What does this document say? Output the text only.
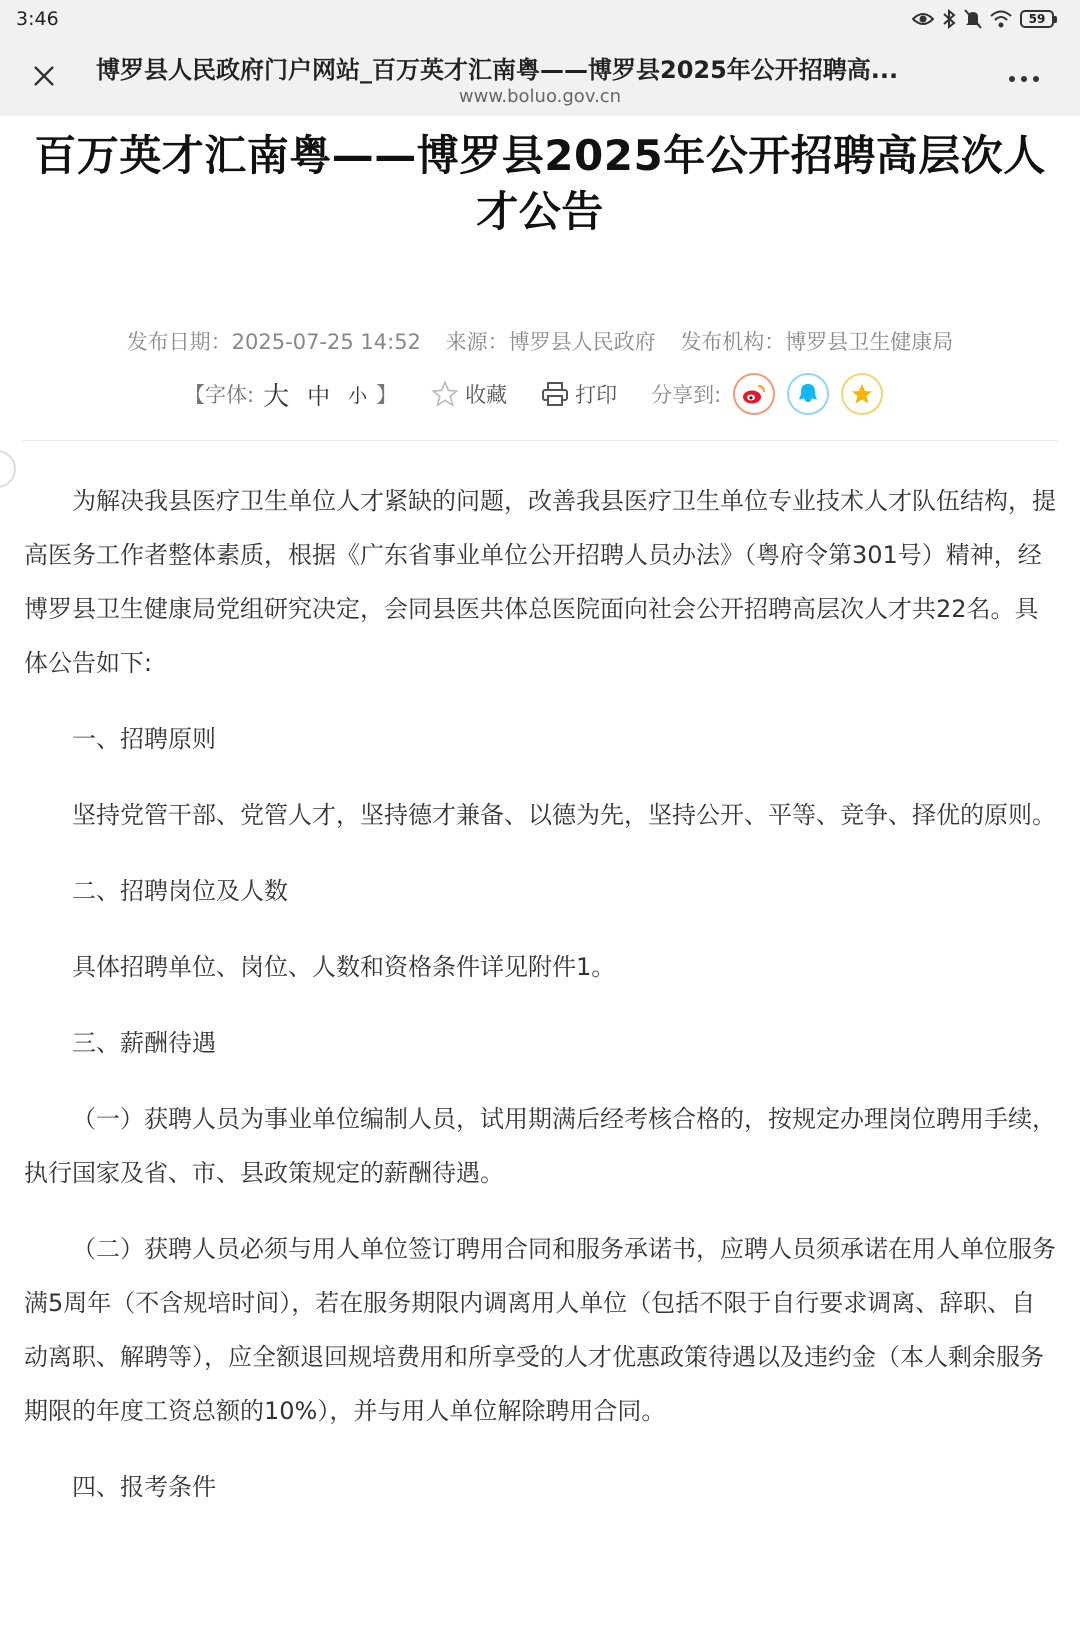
3:46	59
博罗县人民政府门户网站_百万英才汇南粤——博罗县2025年公开招聘高...
www.boluo.gov.cn
百万英才汇南粤——博罗县2025年公开招聘高层次人才公告
发布日期：2025-07-25 14:52 来源：博罗县人民政府 发布机构：博罗县卫生健康局
【字体: 大 中 小 】	收藏	打印 分享到:

为解决我县医疗卫生单位人才紧缺的问题，改善我县医疗卫生单位专业技术人才队伍结构，提高医务工作者整体素质，根据《广东省事业单位公开招聘人员办法》（粤府令第301号）精神，经博罗县卫生健康局党组研究决定，会同县医共体总医院面向社会公开招聘高层次人才共22名。具体公告如下:

一、招聘原则

坚持党管干部、党管人才，坚持德才兼备、以德为先，坚持公开、平等、竞争、择优的原则。

二、招聘岗位及人数

具体招聘单位、岗位、人数和资格条件详见附件1。

三、薪酬待遇

（一）获聘人员为事业单位编制人员，试用期满后经考核合格的，按规定办理岗位聘用手续，执行国家及省、市、县政策规定的薪酬待遇。

（二）获聘人员必须与用人单位签订聘用合同和服务承诺书，应聘人员须承诺在用人单位服务满5周年（不含规培时间），若在服务期限内调离用人单位（包括不限于自行要求调离、辞职、自动离职、解聘等），应全额退回规培费用和所享受的人才优惠政策待遇以及违约金（本人剩余服务期限的年度工资总额的10%），并与用人单位解除聘用合同。

四、报考条件
